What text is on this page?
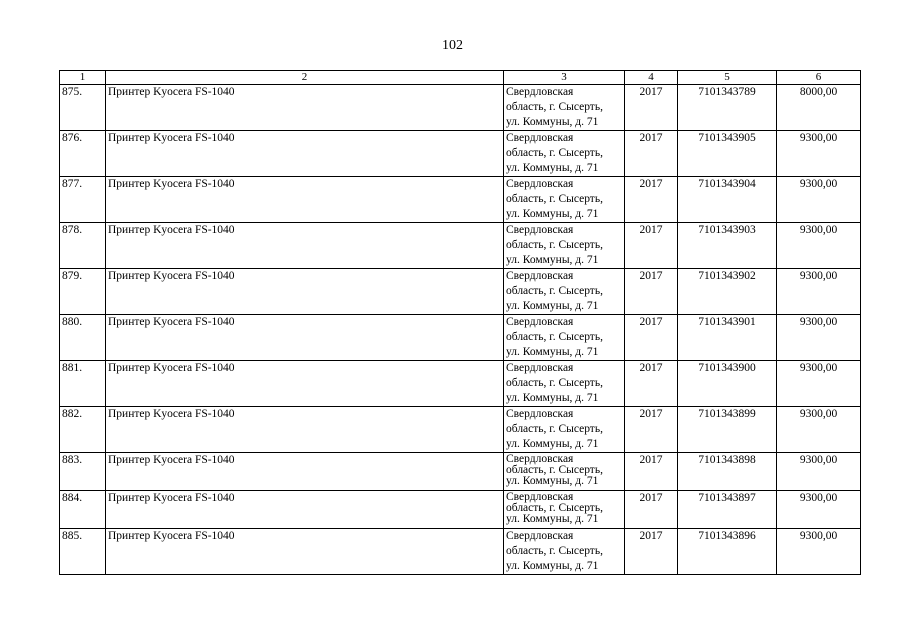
102
1	2	3	4	5	6
875.	Принтер Kyocera FS-1040	Свердловская
область, г. Сысерть,
ул. Коммуны, д. 71	2017	7101343789	8000,00
876.	Принтер Kyocera FS-1040	Свердловская
область, г. Сысерть,
ул. Коммуны, д. 71	2017	7101343905	9300,00
877.	Принтер Kyocera FS-1040	Свердловская
область, г. Сысерть,
ул. Коммуны, д. 71	2017	7101343904	9300,00
878.	Принтер Kyocera FS-1040	Свердловская
область, г. Сысерть,
ул. Коммуны, д. 71	2017	7101343903	9300,00
879.	Принтер Kyocera FS-1040	Свердловская
область, г. Сысерть,
ул. Коммуны, д. 71	2017	7101343902	9300,00
880.	Принтер Kyocera FS-1040	Свердловская
область, г. Сысерть,
ул. Коммуны, д. 71	2017	7101343901	9300,00
881.	Принтер Kyocera FS-1040	Свердловская
область, г. Сысерть,
ул. Коммуны, д. 71	2017	7101343900	9300,00
882.	Принтер Kyocera FS-1040	Свердловская
область, г. Сысерть,
ул. Коммуны, д. 71	2017	7101343899	9300,00
883.	Принтер Kyocera FS-1040	Свердловская
область, г. Сысерть,
ул. Коммуны, д. 71	2017	7101343898	9300,00
884.	Принтер Kyocera FS-1040	Свердловская
область, г. Сысерть,
ул. Коммуны, д. 71	2017	7101343897	9300,00
885.	Принтер Kyocera FS-1040	Свердловская
область, г. Сысерть,
ул. Коммуны, д. 71	2017	7101343896	9300,00
